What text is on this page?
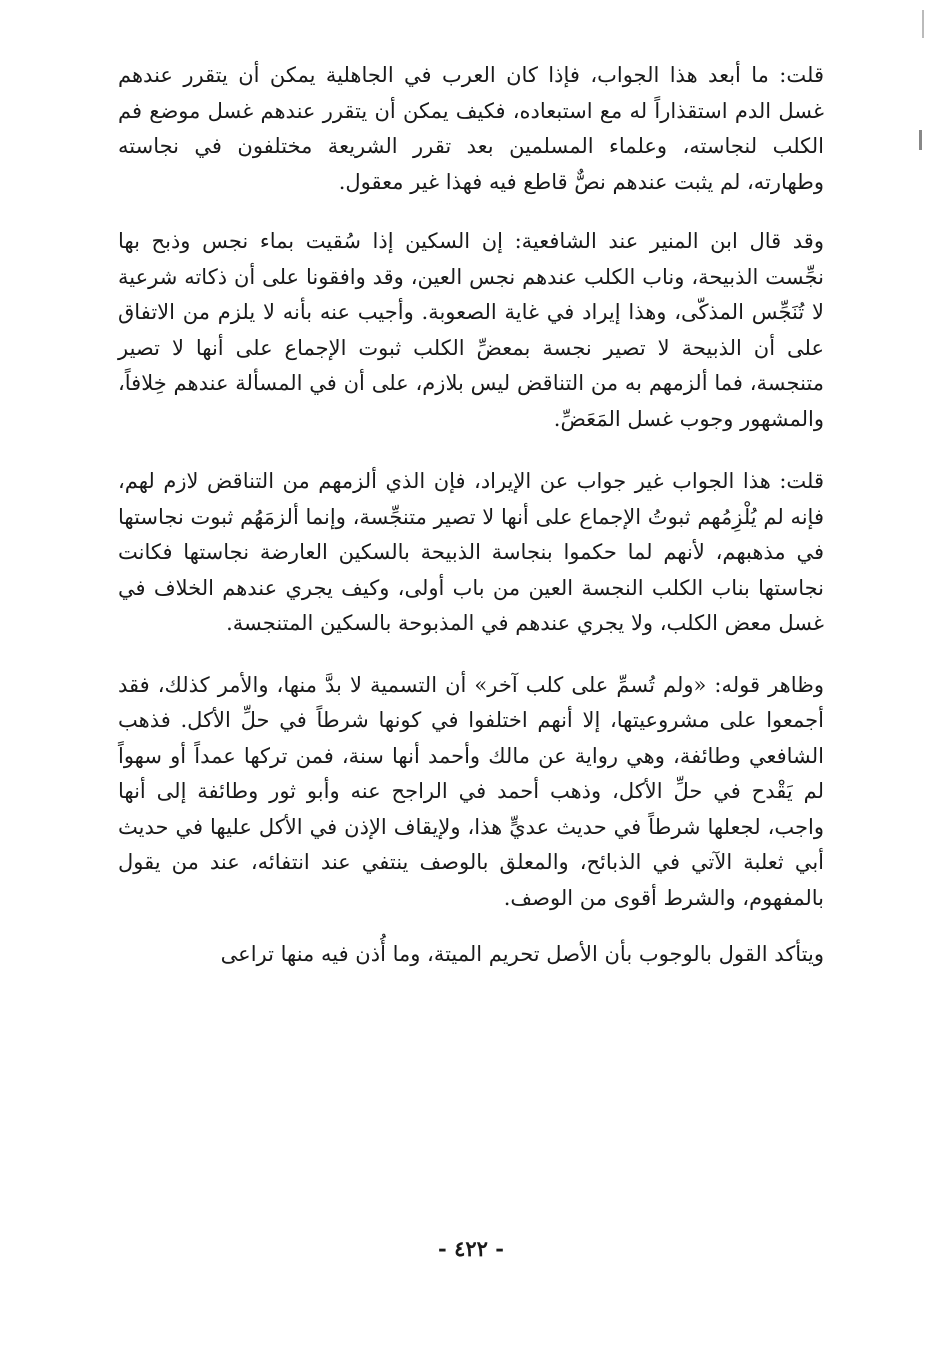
قلت: ما أبعد هذا الجواب، فإذا كان العرب في الجاهلية يمكن أن يتقرر عندهم غسل الدم استقذاراً له مع استبعاده، فكيف يمكن أن يتقرر عندهم غسل موضع فم الكلب لنجاسته، وعلماء المسلمين بعد تقرر الشريعة مختلفون في نجاسته وطهارته، لم يثبت عندهم نصٌّ قاطع فيه فهذا غير معقول.

وقد قال ابن المنير عند الشافعية: إن السكين إذا سُقيت بماء نجس وذبح بها نجِّست الذبيحة، وناب الكلب عندهم نجس العين، وقد وافقونا على أن ذكاته شرعية لا تُنَجِّس المذكّى، وهذا إيراد في غاية الصعوبة. وأجيب عنه بأنه لا يلزم من الاتفاق على أن الذبيحة لا تصير نجسة بمعضِّ الكلب ثبوت الإجماع على أنها لا تصير متنجسة، فما ألزمهم به من التناقض ليس بلازم، على أن في المسألة عندهم خِلافاً، والمشهور وجوب غسل المَعَضِّ.

قلت: هذا الجواب غير جواب عن الإيراد، فإن الذي ألزمهم من التناقض لازم لهم، فإنه لم يُلْزِمُهم ثبوتُ الإجماع على أنها لا تصير متنجِّسة، وإنما ألزمَهُم ثبوت نجاستها في مذهبهم، لأنهم لما حكموا بنجاسة الذبيحة بالسكين العارضة نجاستها فكانت نجاستها بناب الكلب النجسة العين من باب أولى، وكيف يجري عندهم الخلاف في غسل معض الكلب، ولا يجري عندهم في المذبوحة بالسكين المتنجسة.

وظاهر قوله: «ولم تُسمِّ على كلب آخر» أن التسمية لا بدَّ منها، والأمر كذلك، فقد أجمعوا على مشروعيتها، إلا أنهم اختلفوا في كونها شرطاً في حلِّ الأكل. فذهب الشافعي وطائفة، وهي رواية عن مالك وأحمد أنها سنة، فمن تركها عمداً أو سهواً لم يَقْدح في حلِّ الأكل، وذهب أحمد في الراجح عنه وأبو ثور وطائفة إلى أنها واجب، لجعلها شرطاً في حديث عديٍّ هذا، ولإيقاف الإذن في الأكل عليها في حديث أبي ثعلبة الآتي في الذبائح، والمعلق بالوصف ينتفي عند انتفائه، عند من يقول بالمفهوم، والشرط أقوى من الوصف.

ويتأكد القول بالوجوب بأن الأصل تحريم الميتة، وما أُذن فيه منها تراعى

- ٤٢٢ -
